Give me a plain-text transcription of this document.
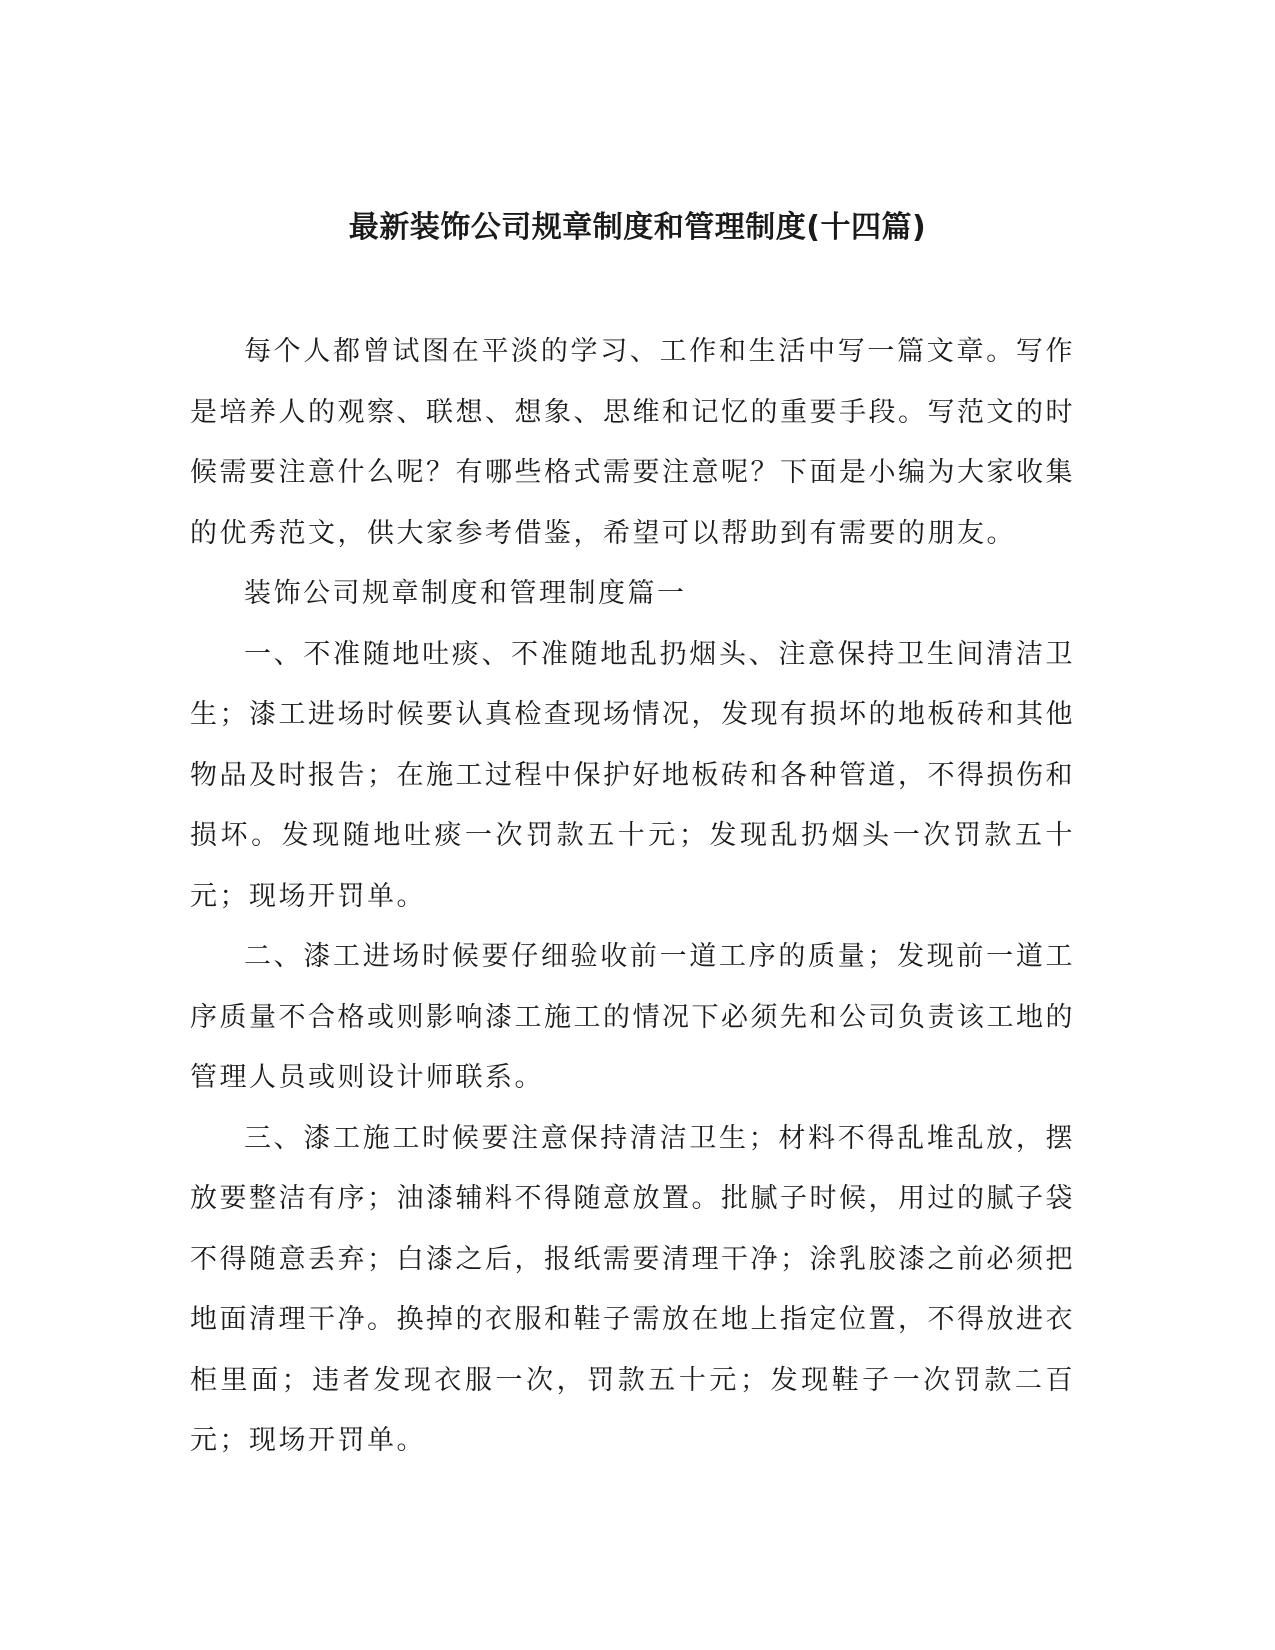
最新装饰公司规章制度和管理制度(十四篇)

每个人都曾试图在平淡的学习、工作和生活中写一篇文章。写作是培养人的观察、联想、想象、思维和记忆的重要手段。写范文的时候需要注意什么呢？有哪些格式需要注意呢？下面是小编为大家收集的优秀范文，供大家参考借鉴，希望可以帮助到有需要的朋友。

装饰公司规章制度和管理制度篇一

一、不准随地吐痰、不准随地乱扔烟头、注意保持卫生间清洁卫生；漆工进场时候要认真检查现场情况，发现有损坏的地板砖和其他物品及时报告；在施工过程中保护好地板砖和各种管道，不得损伤和损坏。发现随地吐痰一次罚款五十元；发现乱扔烟头一次罚款五十元；现场开罚单。

二、漆工进场时候要仔细验收前一道工序的质量；发现前一道工序质量不合格或则影响漆工施工的情况下必须先和公司负责该工地的管理人员或则设计师联系。

三、漆工施工时候要注意保持清洁卫生；材料不得乱堆乱放，摆放要整洁有序；油漆辅料不得随意放置。批腻子时候，用过的腻子袋不得随意丢弃；白漆之后，报纸需要清理干净；涂乳胶漆之前必须把地面清理干净。换掉的衣服和鞋子需放在地上指定位置，不得放进衣柜里面；违者发现衣服一次，罚款五十元；发现鞋子一次罚款二百元；现场开罚单。
